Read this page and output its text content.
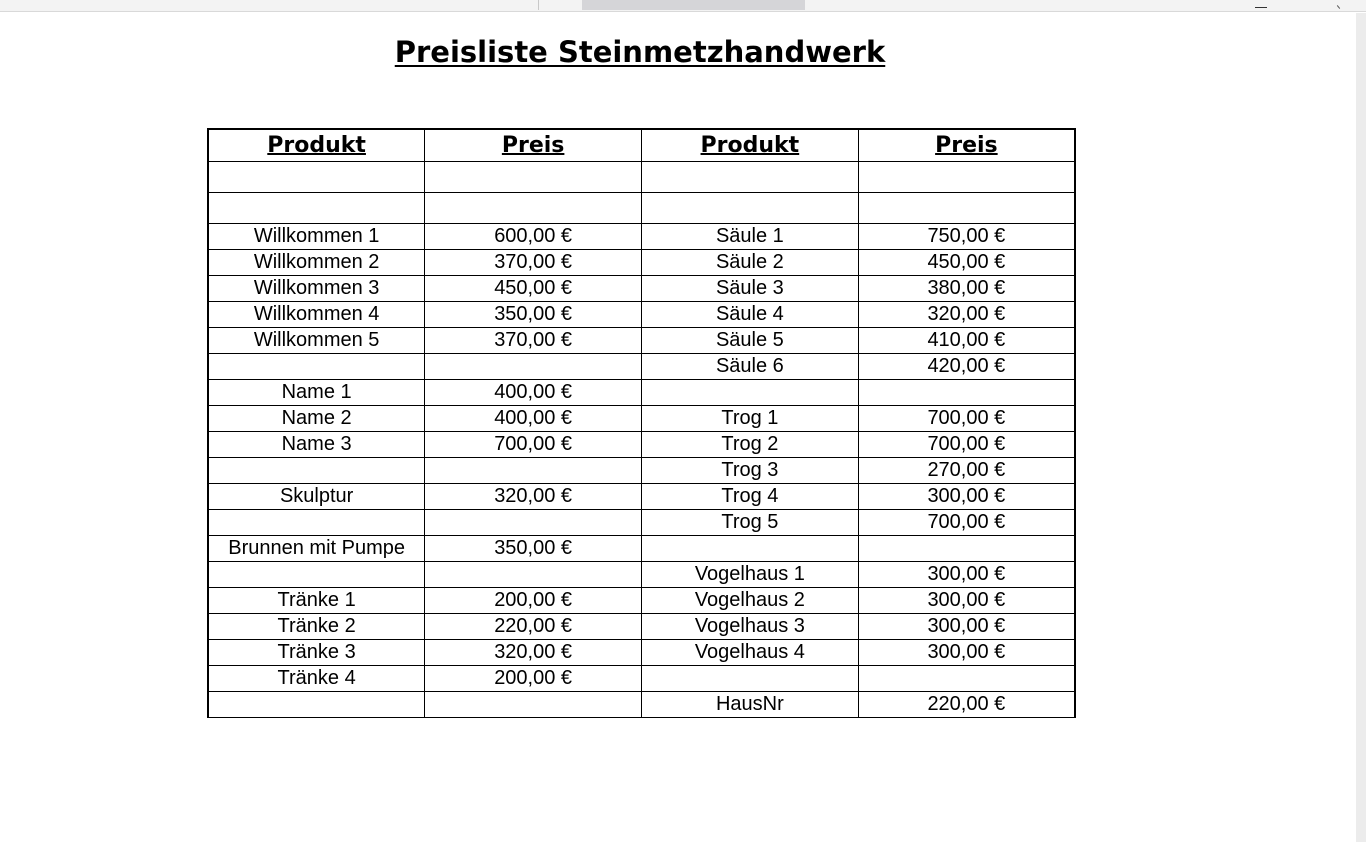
Preisliste Steinmetzhandwerk
Produkt	Preis	Produkt	Preis

Willkommen 1	600,00 €	Säule 1	750,00 €
Willkommen 2	370,00 €	Säule 2	450,00 €
Willkommen 3	450,00 €	Säule 3	380,00 €
Willkommen 4	350,00 €	Säule 4	320,00 €
Willkommen 5	370,00 €	Säule 5	410,00 €
		Säule 6	420,00 €
Name 1	400,00 €		
Name 2	400,00 €	Trog 1	700,00 €
Name 3	700,00 €	Trog 2	700,00 €
		Trog 3	270,00 €
Skulptur	320,00 €	Trog 4	300,00 €
		Trog 5	700,00 €
Brunnen mit Pumpe	350,00 €		
		Vogelhaus 1	300,00 €
Tränke 1	200,00 €	Vogelhaus 2	300,00 €
Tränke 2	220,00 €	Vogelhaus 3	300,00 €
Tränke 3	320,00 €	Vogelhaus 4	300,00 €
Tränke 4	200,00 €		
		HausNr	220,00 €
